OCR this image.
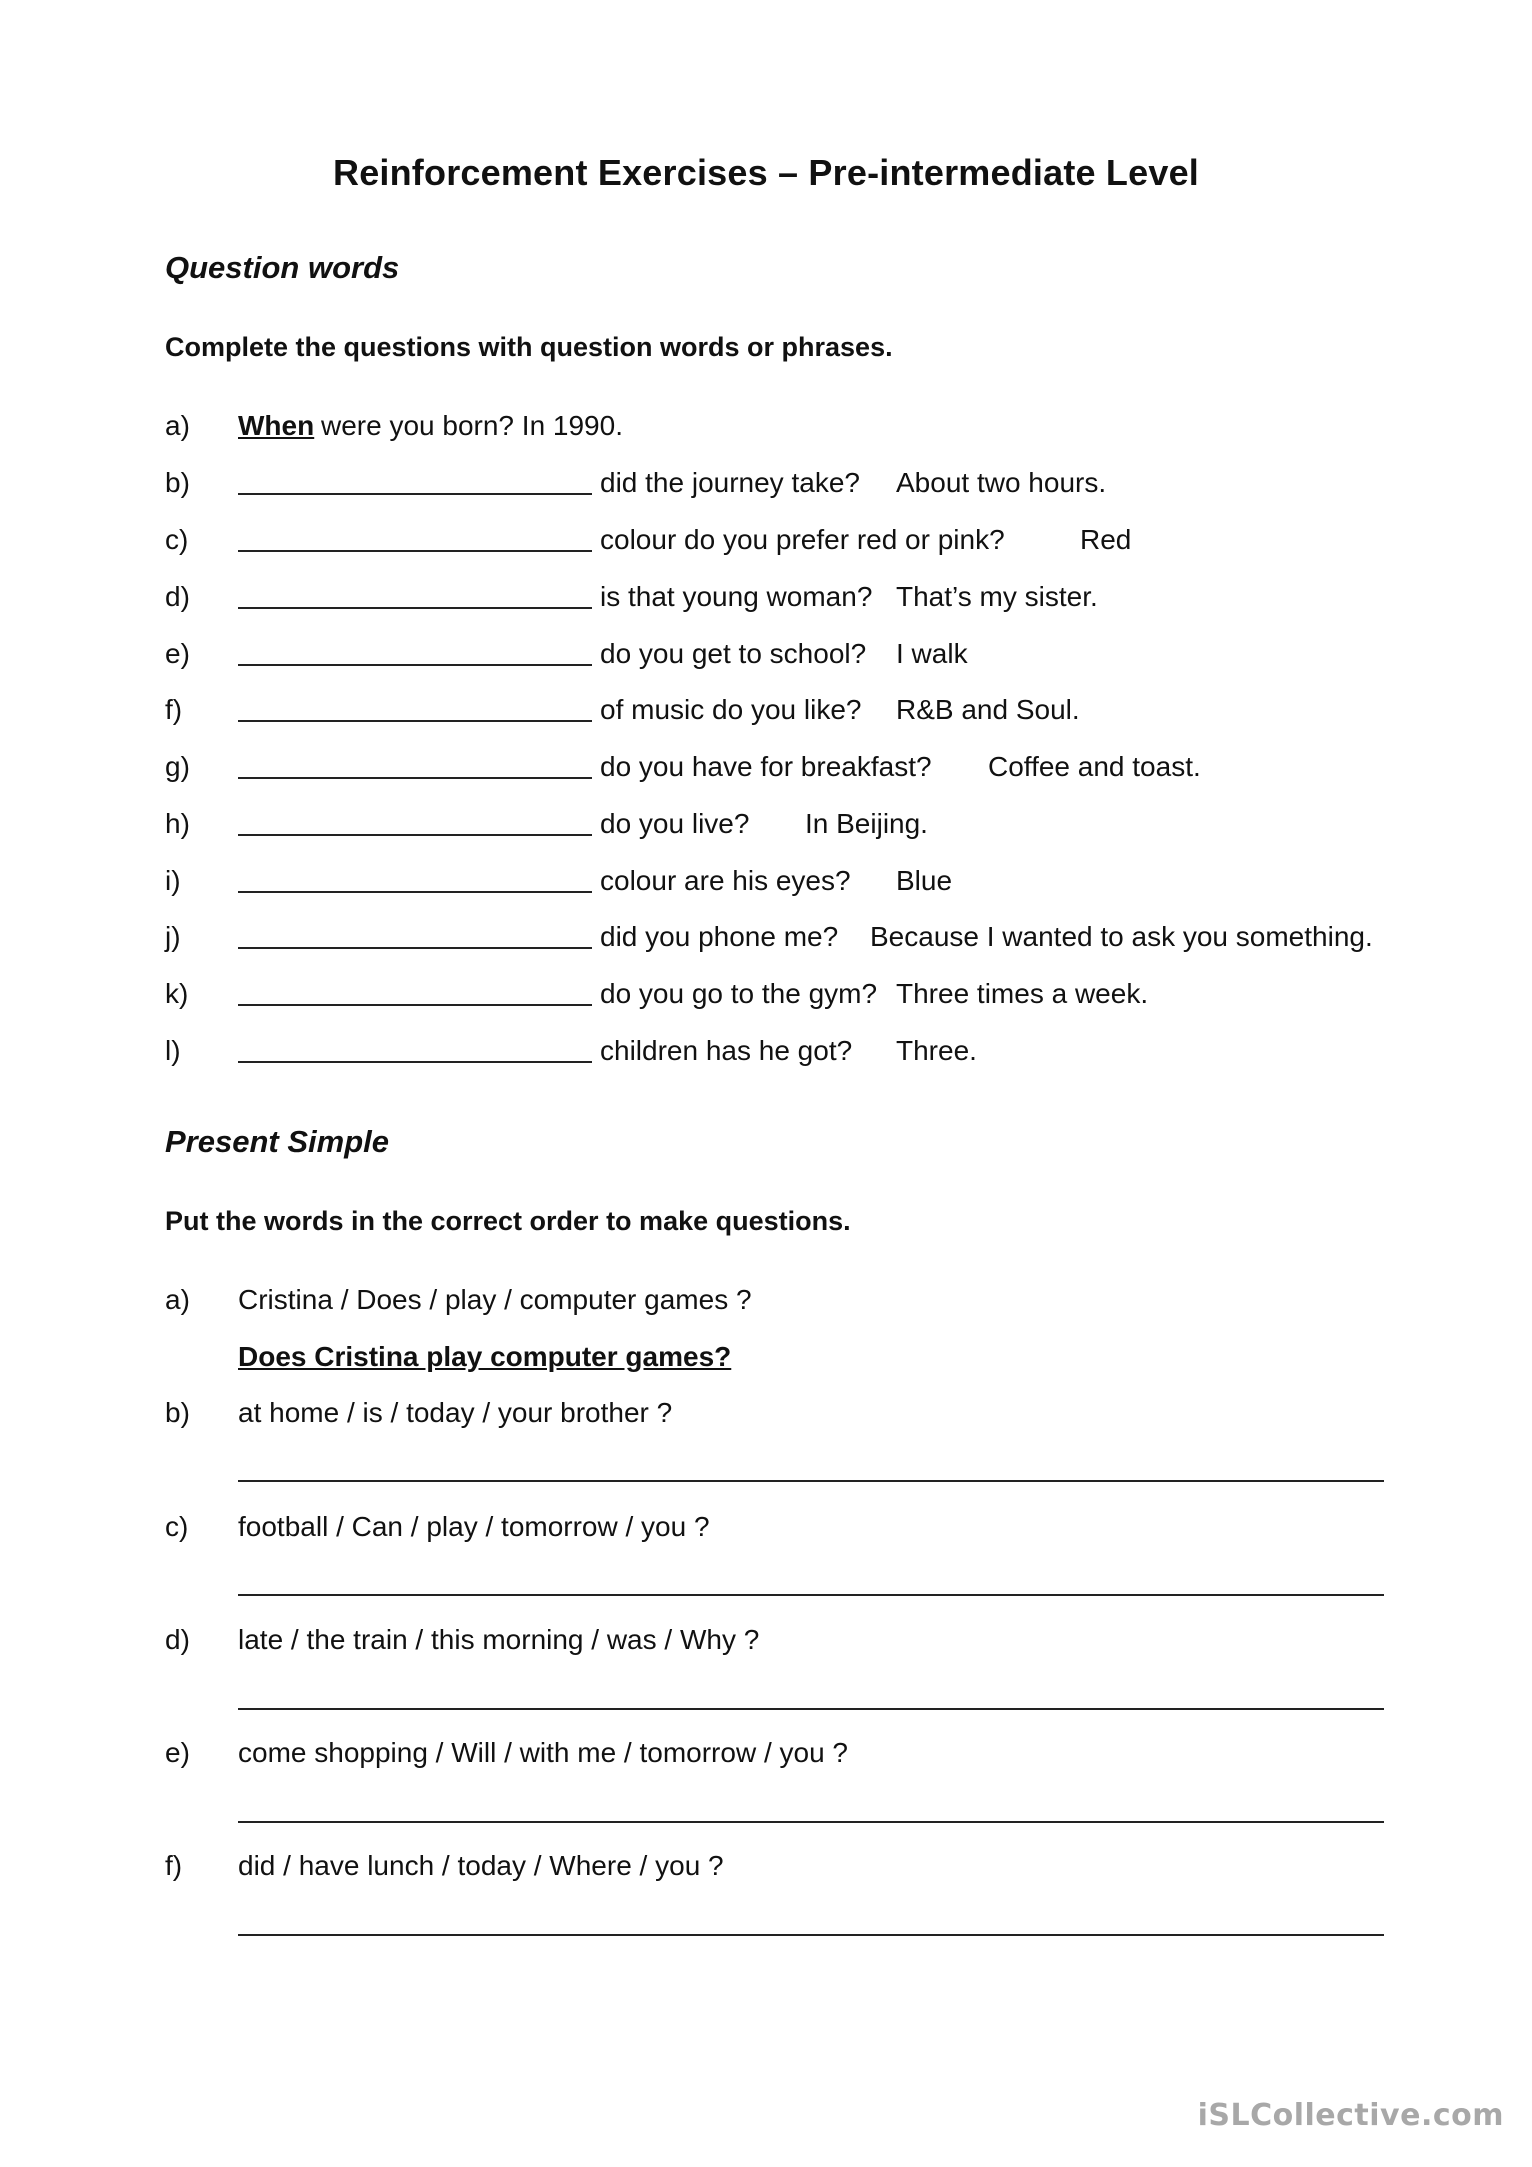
Reinforcement Exercises – Pre-intermediate Level
Question words
Complete the questions with question words or phrases.
a) When were you born? In 1990.
b)	did the journey take? About two hours.
c)	colour do you prefer red or pink?	Red
d)	is that young woman? That’s my sister.
e)	do you get to school? I walk
f)	of music do you like? R&B and Soul.
g)	do you have for breakfast? Coffee and toast.
h)	do you live? In Beijing.
i)	colour are his eyes? Blue
j)	did you phone me? Because I wanted to ask you something.
k)	do you go to the gym? Three times a week.
l)	children has he got? Three.
Present Simple
Put the words in the correct order to make questions.
a) Cristina / Does / play / computer games ?
Does Cristina play computer games?
b) at home / is / today / your brother ?
c) football / Can / play / tomorrow / you ?
d) late / the train / this morning / was / Why ?
e) come shopping / Will / with me / tomorrow / you ?
f) did / have lunch / today / Where / you ?
iSLCollective.com
